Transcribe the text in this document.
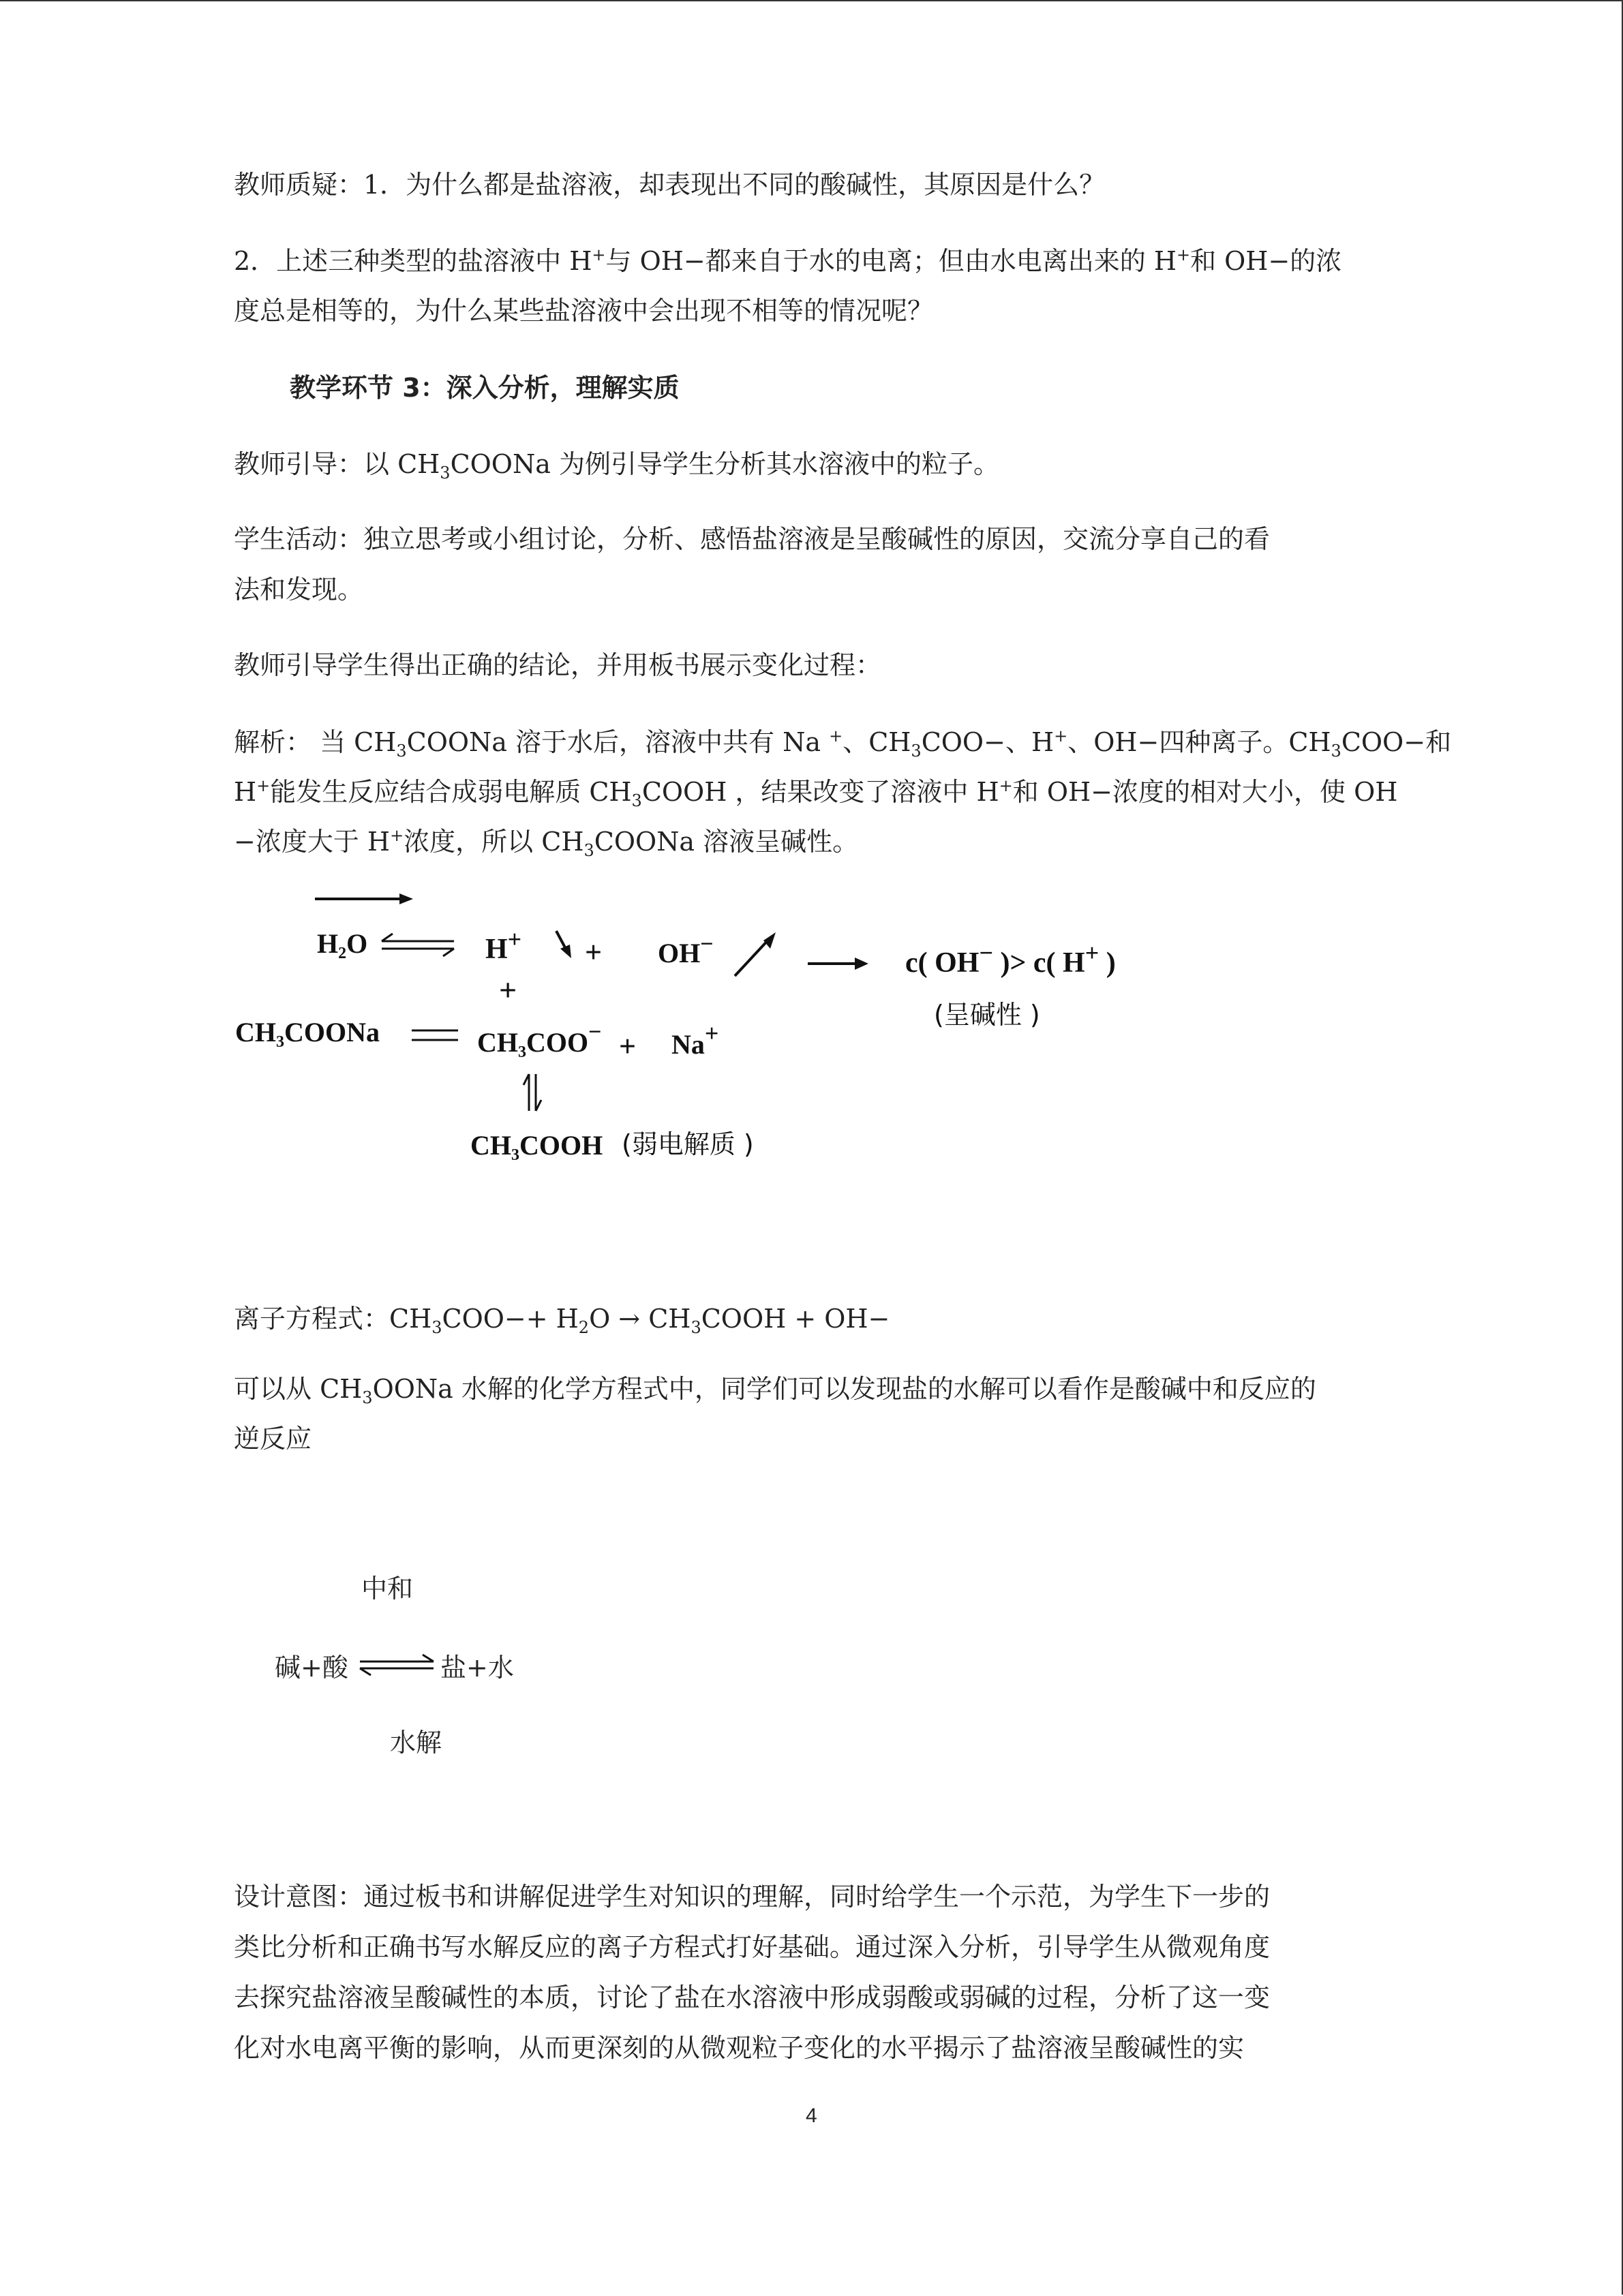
教师质疑：1．为什么都是盐溶液，却表现出不同的酸碱性，其原因是什么？
2．上述三种类型的盐溶液中 H+与 OH−都来自于水的电离；但由水电离出来的 H+和 OH−的浓
度总是相等的，为什么某些盐溶液中会出现不相等的情况呢？
教学环节 3：深入分析，理解实质
教师引导：以 $CH_3COONa$ 为例引导学生分析其水溶液中的粒子。
学生活动：独立思考或小组讨论，分析、感悟盐溶液是呈酸碱性的原因，交流分享自己的看
法和发现。
教师引导学生得出正确的结论，并用板书展示变化过程：
解析： 当 $CH_3COONa$ 溶于水后，溶液中共有 Na +、$CH_3COO-$、H+、OH−四种离子。$CH_3COO-$和
H+能发生反应结合成弱电解质 $CH_3COOH$ ，结果改变了溶液中 H+和 OH−浓度的相对大小，使 OH
−浓度大于 H+浓度，所以 $CH_3COONa$ 溶液呈碱性。
离子方程式：$CH_3COO-+ H_2O$ → $CH_3COOH + OH-$
可以从 $CH_3OONa$ 水解的化学方程式中，同学们可以发现盐的水解可以看作是酸碱中和反应的
逆反应
设计意图：通过板书和讲解促进学生对知识的理解，同时给学生一个示范，为学生下一步的
类比分析和正确书写水解反应的离子方程式打好基础。通过深入分析，引导学生从微观角度
去探究盐溶液呈酸碱性的本质，讨论了盐在水溶液中形成弱酸或弱碱的过程，分析了这一变
化对水电离平衡的影响，从而更深刻的从微观粒子变化的水平揭示了盐溶液呈酸碱性的实
4
$H_2O$	H+ + OH−
c( OH− )> c( H+ )
(呈碱性 )
+
$CH_3COONa$	$CH_3COO^- + Na+$
$CH_3COOH$ (弱电解质 )
中和
碱+酸	盐+水
水解
